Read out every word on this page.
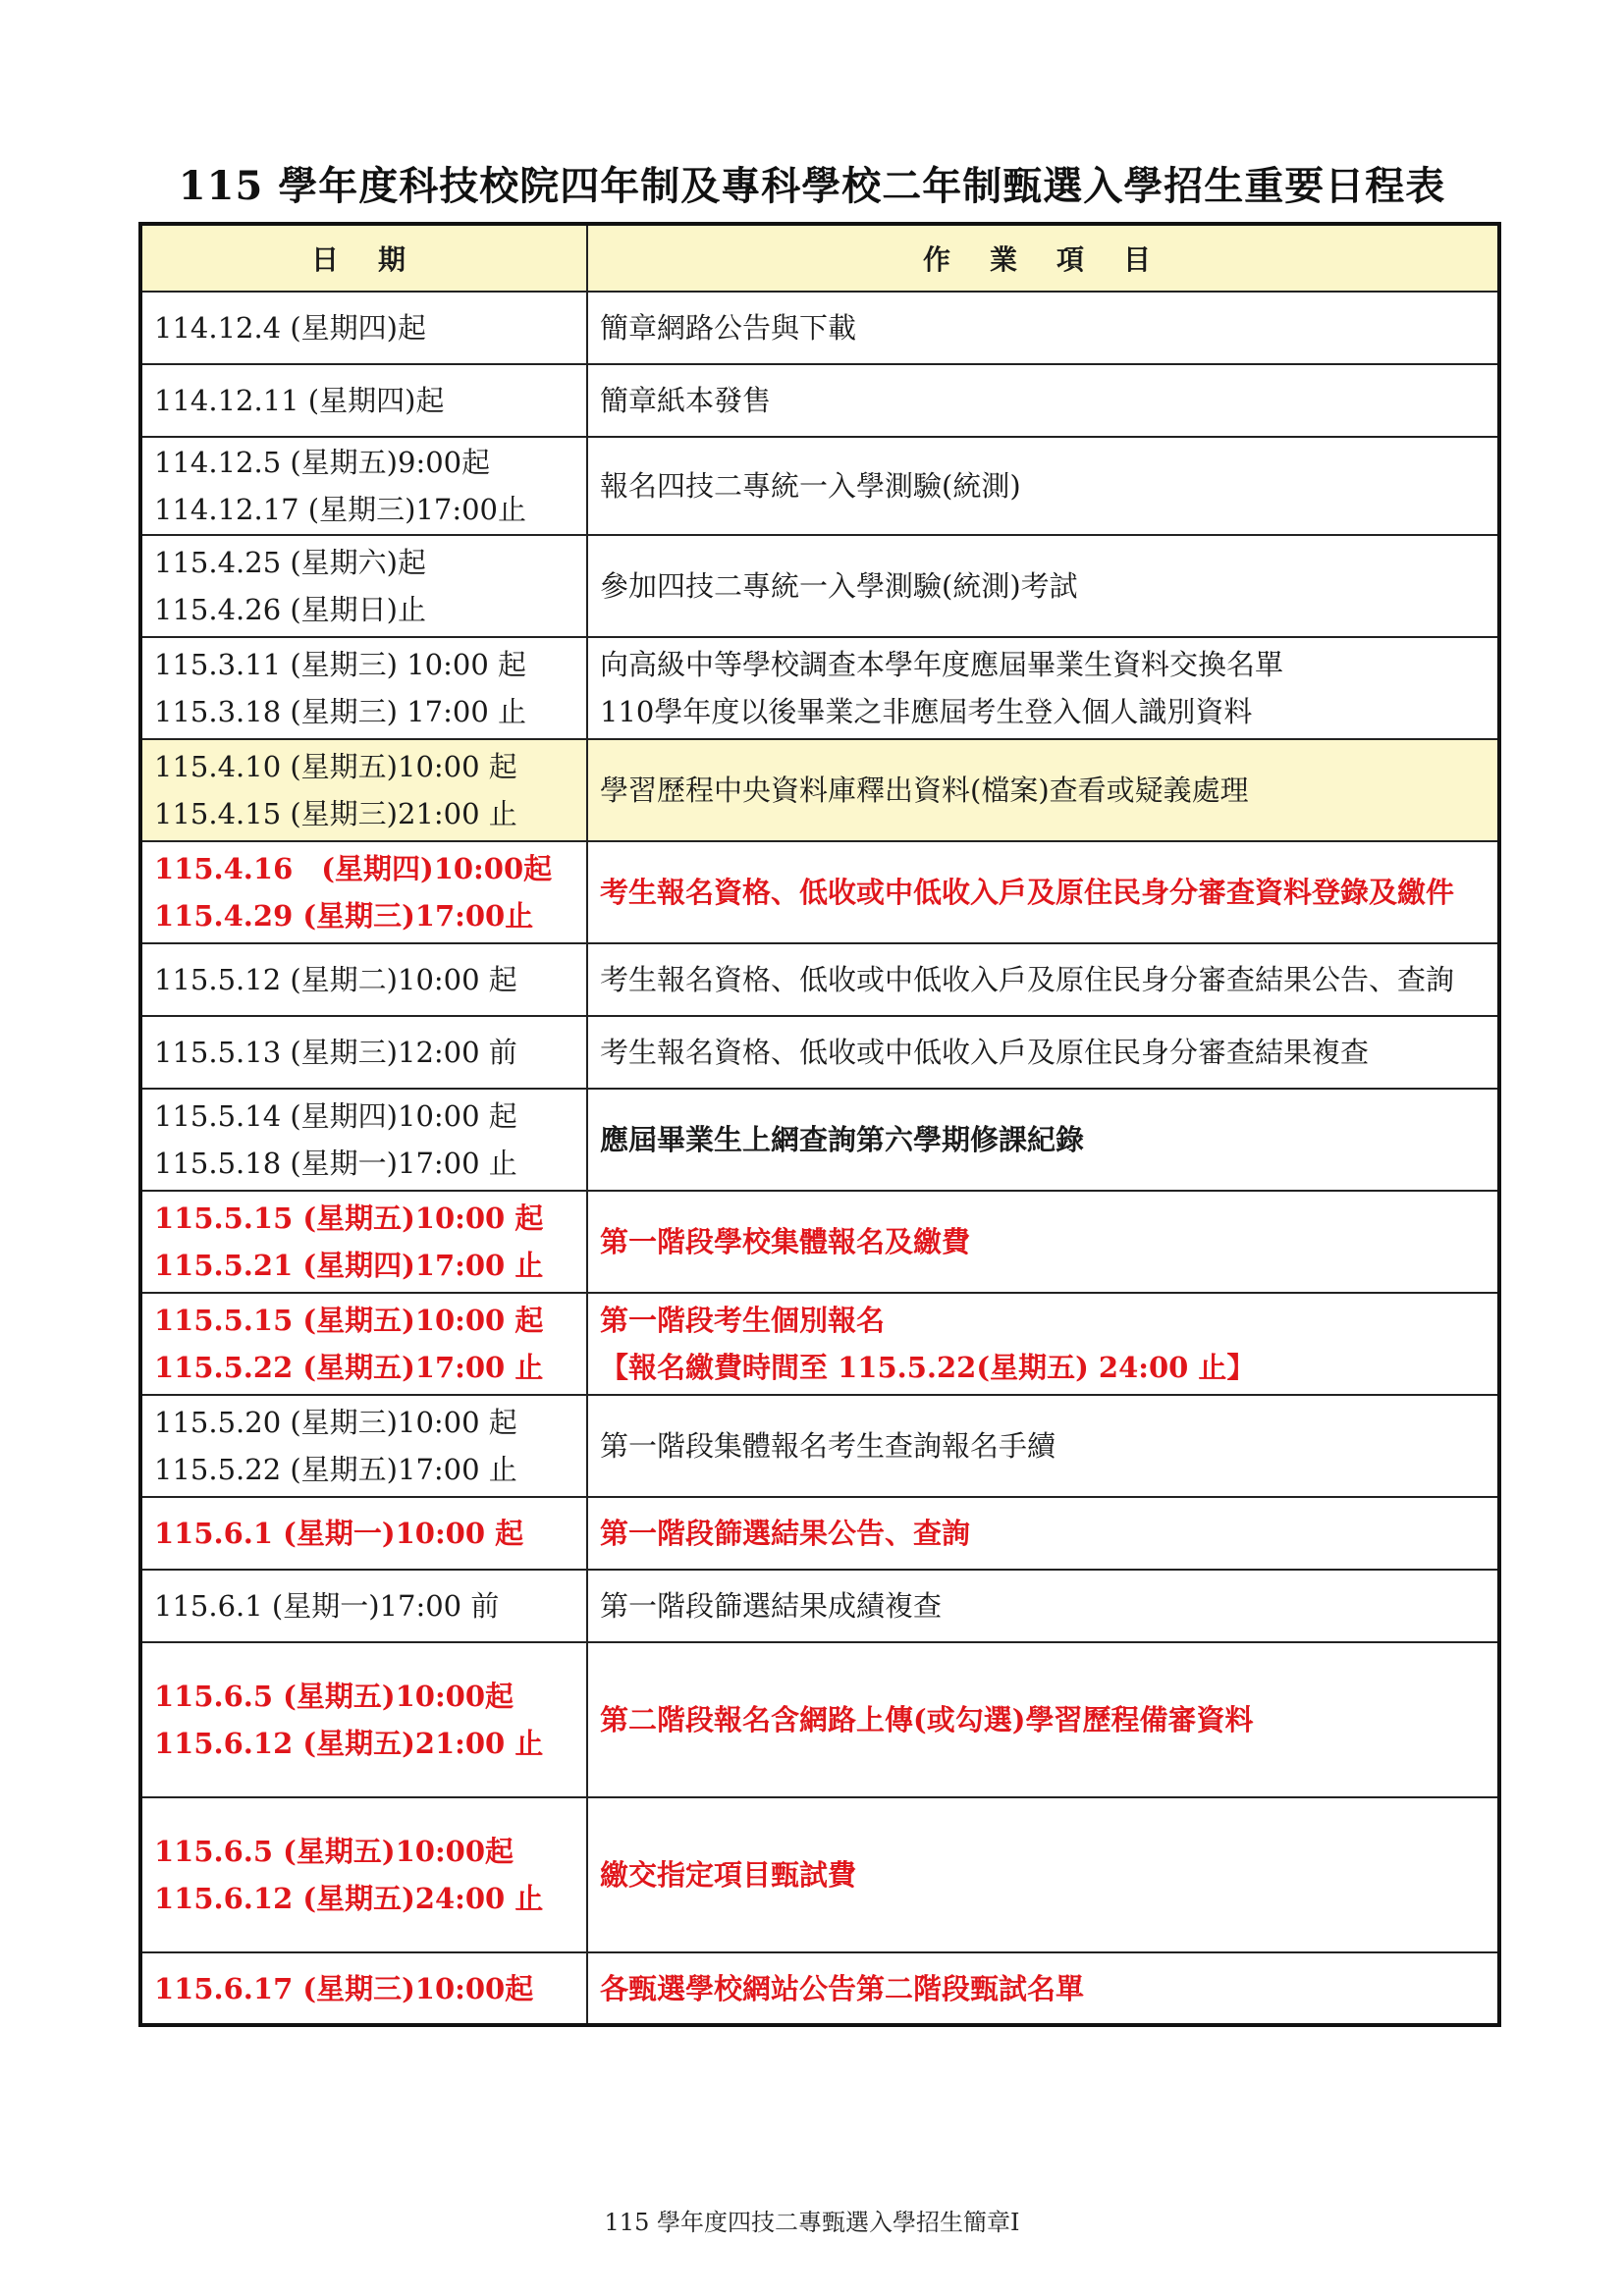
115 學年度科技校院四年制及專科學校二年制甄選入學招生重要日程表
日期	作業項目

114.12.4 (星期四)起	簡章網路公告與下載

114.12.11 (星期四)起	簡章紙本發售

114.12.5 (星期五)9:00起
114.12.17 (星期三)17:00止	報名四技二專統一入學測驗(統測)

115.4.25 (星期六)起
115.4.26 (星期日)止	參加四技二專統一入學測驗(統測)考試

115.3.11 (星期三) 10:00 起
115.3.18 (星期三) 17:00 止	向高級中等學校調查本學年度應屆畢業生資料交換名單
110學年度以後畢業之非應屆考生登入個人識別資料

115.4.10 (星期五)10:00 起
115.4.15 (星期三)21:00 止	學習歷程中央資料庫釋出資料(檔案)查看或疑義處理

115.4.16　(星期四)10:00起
115.4.29 (星期三)17:00止	考生報名資格、低收或中低收入戶及原住民身分審查資料登錄及繳件

115.5.12 (星期二)10:00 起	考生報名資格、低收或中低收入戶及原住民身分審查結果公告、查詢

115.5.13 (星期三)12:00 前	考生報名資格、低收或中低收入戶及原住民身分審查結果複查

115.5.14 (星期四)10:00 起
115.5.18 (星期一)17:00 止	應屆畢業生上網查詢第六學期修課紀錄

115.5.15 (星期五)10:00 起
115.5.21 (星期四)17:00 止	第一階段學校集體報名及繳費

115.5.15 (星期五)10:00 起
115.5.22 (星期五)17:00 止	第一階段考生個別報名
【報名繳費時間至 115.5.22(星期五) 24:00 止】

115.5.20 (星期三)10:00 起
115.5.22 (星期五)17:00 止	第一階段集體報名考生查詢報名手續

115.6.1 (星期一)10:00 起	第一階段篩選結果公告、查詢

115.6.1 (星期一)17:00 前	第一階段篩選結果成績複查

115.6.5 (星期五)10:00起
115.6.12 (星期五)21:00 止	第二階段報名含網路上傳(或勾選)學習歷程備審資料

115.6.5 (星期五)10:00起
115.6.12 (星期五)24:00 止	繳交指定項目甄試費

115.6.17 (星期三)10:00起	各甄選學校網站公告第二階段甄試名單
115 學年度四技二專甄選入學招生簡章I
